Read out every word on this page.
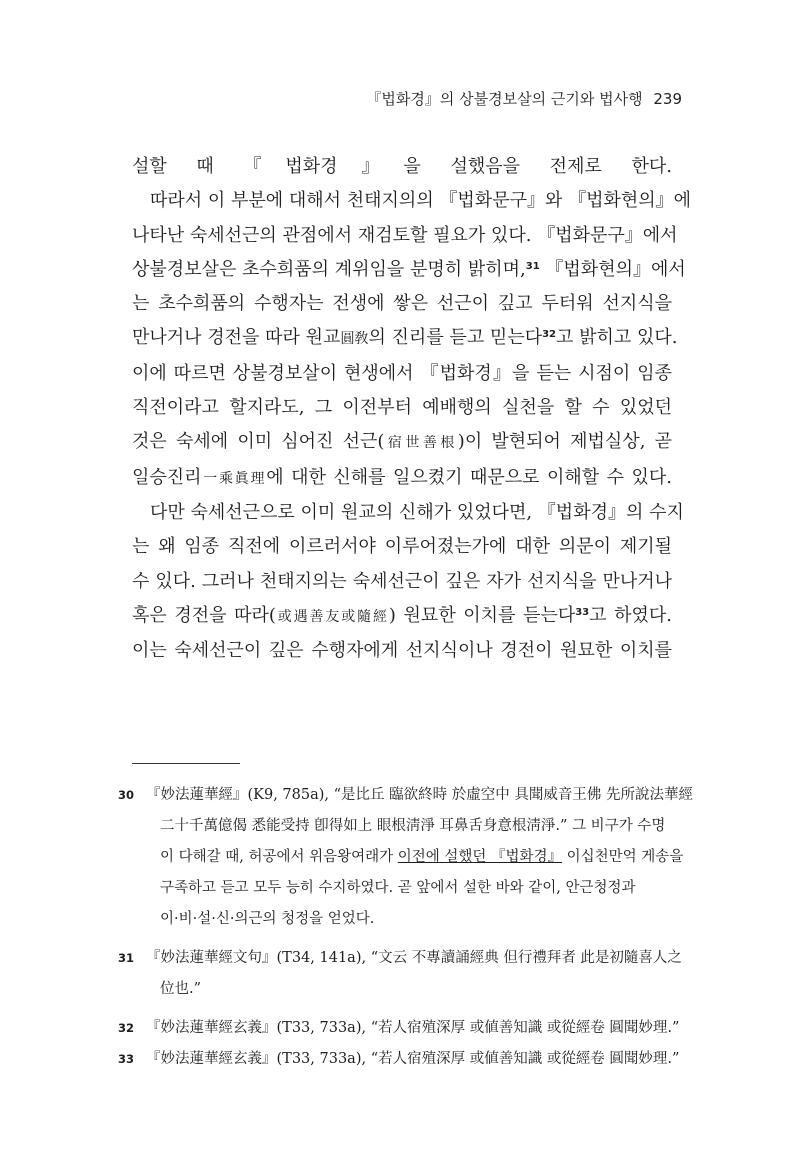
『법화경』의 상불경보살의 근기와 법사행 239
설할 때 『법화경』을 설했음을 전제로 한다.
따라서 이 부분에 대해서 천태지의의 『법화문구』와 『법화현의』에
나타난 숙세선근의 관점에서 재검토할 필요가 있다. 『법화문구』에서
상불경보살은 초수희품의 계위임을 분명히 밝히며,$^{31}$ 『법화현의』에서
는 초수희품의 수행자는 전생에 쌓은 선근이 깊고 두터워 선지식을
만나거나 경전을 따라 원교圓敎의 진리를 듣고 믿는다$^{32}$고 밝히고 있다.
이에 따르면 상불경보살이 현생에서 『법화경』을 듣는 시점이 임종
직전이라고 할지라도, 그 이전부터 예배행의 실천을 할 수 있었던
것은 숙세에 이미 심어진 선근(宿世善根)이 발현되어 제법실상, 곧
일승진리一乘眞理에 대한 신해를 일으켰기 때문으로 이해할 수 있다.
다만 숙세선근으로 이미 원교의 신해가 있었다면, 『법화경』의 수지
는 왜 임종 직전에 이르러서야 이루어졌는가에 대한 의문이 제기될
수 있다. 그러나 천태지의는 숙세선근이 깊은 자가 선지식을 만나거나
혹은 경전을 따라(或遇善友或隨經) 원묘한 이치를 듣는다$^{33}$고 하였다.
이는 숙세선근이 깊은 수행자에게 선지식이나 경전이 원묘한 이치를
30 『妙法蓮華經』(K9, 785a), “是比丘 臨欲終時 於虛空中 具聞威音王佛 先所說法華經
二十千萬億偈 悉能受持 卽得如上 眼根淸淨 耳鼻舌身意根淸淨.” 그 비구가 수명
이 다해갈 때, 허공에서 위음왕여래가 이전에 설했던 『법화경』 이십천만억 게송을
구족하고 듣고 모두 능히 수지하였다. 곧 앞에서 설한 바와 같이, 안근청정과
이·비·설·신·의근의 청정을 얻었다.
31 『妙法蓮華經文句』(T34, 141a), “文云 不專讀誦經典 但行禮拜者 此是初隨喜人之
位也.”
32 『妙法蓮華經玄義』(T33, 733a), “若人宿殖深厚 或値善知識 或從經卷 圓聞妙理.”
33 『妙法蓮華經玄義』(T33, 733a), “若人宿殖深厚 或値善知識 或從經卷 圓聞妙理.”
